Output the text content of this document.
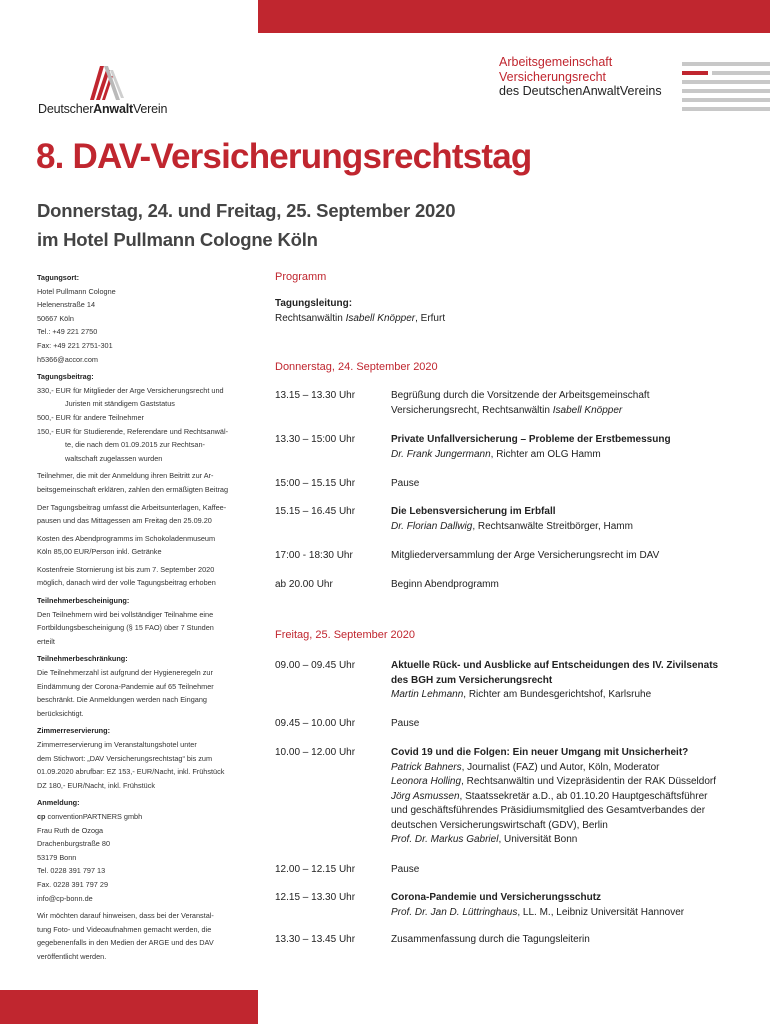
DeutscherAnwaltVerein
Arbeitsgemeinschaft
Versicherungsrecht
des DeutschenAnwaltVereins
8. DAV-Versicherungsrechtstag
Donnerstag, 24. und Freitag, 25. September 2020
im Hotel Pullmann Cologne Köln
Tagungsort:
Hotel Pullmann Cologne
Helenenstraße 14
50667 Köln
Tel.: +49 221 2750
Fax: +49 221 2751-301
h5366@accor.com
Tagungsbeitrag:
330,- EUR für Mitglieder der Arge Versicherungsrecht und
Juristen mit ständigem Gaststatus
500,- EUR für andere Teilnehmer
150,- EUR für Studierende, Referendare und Rechtsanwäl-
te, die nach dem 01.09.2015 zur Rechtsan-
waltschaft zugelassen wurden
Teilnehmer, die mit der Anmeldung ihren Beitritt zur Ar-
beitsgemeinschaft erklären, zahlen den ermäßigten Beitrag
Der Tagungsbeitrag umfasst die Arbeitsunterlagen, Kaffee-
pausen und das Mittagessen am Freitag den 25.09.20
Kosten des Abendprogramms im Schokoladenmuseum
Köln 85,00 EUR/Person inkl. Getränke
Kostenfreie Stornierung ist bis zum 7. September 2020
möglich, danach wird der volle Tagungsbeitrag erhoben
Teilnehmerbescheinigung:
Den Teilnehmern wird bei vollständiger Teilnahme eine
Fortbildungsbescheinigung (§ 15 FAO) über 7 Stunden
erteilt
Teilnehmerbeschränkung:
Die Teilnehmerzahl ist aufgrund der Hygieneregeln zur
Eindämmung der Corona-Pandemie auf 65 Teilnehmer
beschränkt. Die Anmeldungen werden nach Eingang
berücksichtigt.
Zimmerreservierung:
Zimmerreservierung im Veranstaltungshotel unter
dem Stichwort: „DAV Versicherungsrechtstag“ bis zum
01.09.2020 abrufbar: EZ 153,- EUR/Nacht, inkl. Frühstück
DZ 180,- EUR/Nacht, inkl. Frühstück
Anmeldung:
cp conventionPARTNERS gmbh
Frau Ruth de Ozoga
Drachenburgstraße 80
53179 Bonn
Tel. 0228 391 797 13
Fax. 0228 391 797 29
info@cp-bonn.de
Wir möchten darauf hinweisen, dass bei der Veranstal-
tung Foto- und Videoaufnahmen gemacht werden, die
gegebenenfalls in den Medien der ARGE und des DAV
veröffentlicht werden.
Programm
Tagungsleitung:
Rechtsanwältin Isabell Knöpper, Erfurt
Donnerstag, 24. September 2020
13.15 – 13.30 Uhr	Begrüßung durch die Vorsitzende der Arbeitsgemeinschaft
Versicherungsrecht, Rechtsanwältin Isabell Knöpper
13.30 – 15:00 Uhr	Private Unfallversicherung – Probleme der Erstbemessung
Dr. Frank Jungermann, Richter am OLG Hamm
15:00 – 15.15 Uhr	Pause
15.15 – 16.45 Uhr	Die Lebensversicherung im Erbfall
Dr. Florian Dallwig, Rechtsanwälte Streitbörger, Hamm
17:00 - 18:30 Uhr	Mitgliederversammlung der Arge Versicherungsrecht im DAV
ab 20.00 Uhr	Beginn Abendprogramm
Freitag, 25. September 2020
09.00 – 09.45 Uhr	Aktuelle Rück- und Ausblicke auf Entscheidungen des IV. Zivilsenats
des BGH zum Versicherungsrecht
Martin Lehmann, Richter am Bundesgerichtshof, Karlsruhe
09.45 – 10.00 Uhr	Pause
10.00 – 12.00 Uhr	Covid 19 und die Folgen: Ein neuer Umgang mit Unsicherheit?
Patrick Bahners, Journalist (FAZ) und Autor, Köln, Moderator
Leonora Holling, Rechtsanwältin und Vizepräsidentin der RAK Düsseldorf
Jörg Asmussen, Staatssekretär a.D., ab 01.10.20 Hauptgeschäftsführer
und geschäftsführendes Präsidiumsmitglied des Gesamtverbandes der
deutschen Versicherungswirtschaft (GDV), Berlin
Prof. Dr. Markus Gabriel, Universität Bonn
12.00 – 12.15 Uhr	Pause
12.15 – 13.30 Uhr	Corona-Pandemie und Versicherungsschutz
Prof. Dr. Jan D. Lüttringhaus, LL. M., Leibniz Universität Hannover
13.30 – 13.45 Uhr	Zusammenfassung durch die Tagungsleiterin
